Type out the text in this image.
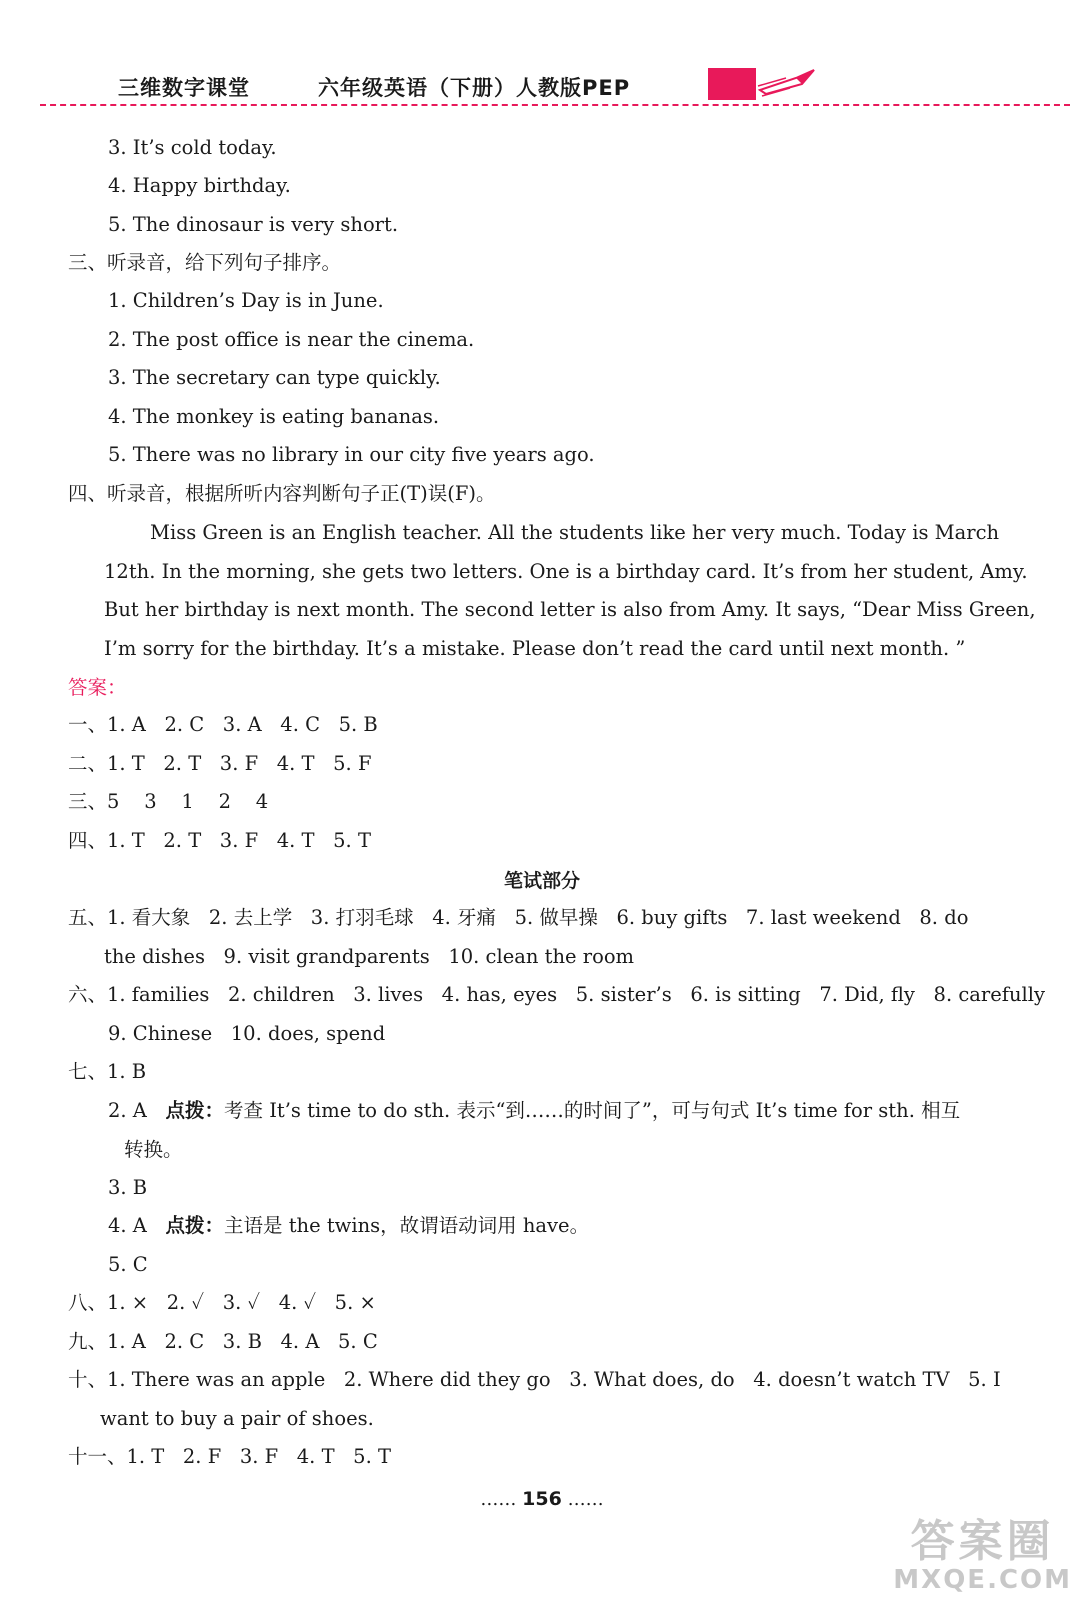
三维数字课堂	六年级英语（下册）人教版PEP
3. It’s cold today.
4. Happy birthday.
5. The dinosaur is very short.
三、听录音，给下列句子排序。
1. Children’s Day is in June.
2. The post office is near the cinema.
3. The secretary can type quickly.
4. The monkey is eating bananas.
5. There was no library in our city five years ago.
四、听录音，根据所听内容判断句子正(T)误(F)。
Miss Green is an English teacher. All the students like her very much. Today is March
12th. In the morning, she gets two letters. One is a birthday card. It’s from her student, Amy.
But her birthday is next month. The second letter is also from Amy. It says, “Dear Miss Green,
I’m sorry for the birthday. It’s a mistake. Please don’t read the card until next month. ”
答案：
一、1. A   2. C   3. A   4. C   5. B
二、1. T   2. T   3. F   4. T   5. F
三、5    3    1    2    4
四、1. T   2. T   3. F   4. T   5. T
笔试部分
五、1. 看大象   2. 去上学   3. 打羽毛球   4. 牙痛   5. 做早操   6. buy gifts   7. last weekend   8. do
the dishes   9. visit grandparents   10. clean the room
六、1. families   2. children   3. lives   4. has, eyes   5. sister’s   6. is sitting   7. Did, fly   8. carefully
9. Chinese   10. does, spend
七、1. B
2. A   点拨：考查 It’s time to do sth. 表示“到……的时间了”，可与句式 It’s time for sth. 相互
转换。
3. B
4. A   点拨：主语是 the twins，故谓语动词用 have。
5. C
八、1. ×   2. ✓   3. ✓   4. ✓   5. ×
九、1. A   2. C   3. B   4. A   5. C
十、1. There was an apple   2. Where did they go   3. What does, do   4. doesn’t watch TV   5. I
want to buy a pair of shoes.
十一、1. T   2. F   3. F   4. T   5. T
…… 156 ……
答案圈
MXQE.COM
